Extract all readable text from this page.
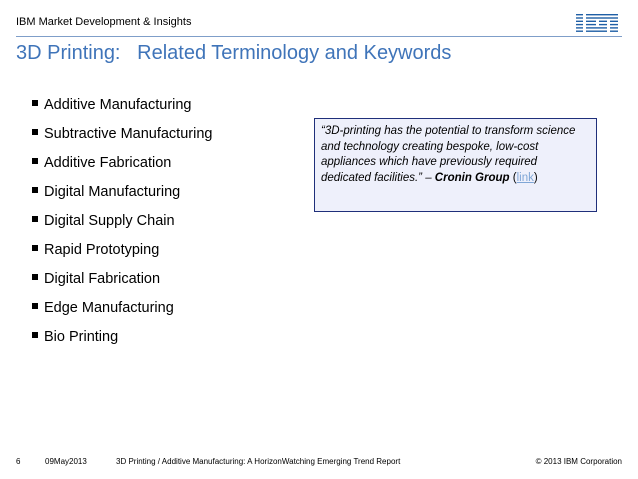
IBM Market Development & Insights
3D Printing:   Related Terminology and Keywords
Additive Manufacturing
Subtractive Manufacturing
Additive Fabrication
Digital Manufacturing
Digital Supply Chain
Rapid Prototyping
Digital Fabrication
Edge Manufacturing
Bio Printing
“3D-printing has the potential to transform science and technology creating bespoke, low-cost appliances which have previously required dedicated facilities.” – Cronin Group (link)
6	09May2013	3D Printing / Additive Manufacturing: A HorizonWatching Emerging Trend Report	© 2013 IBM Corporation
